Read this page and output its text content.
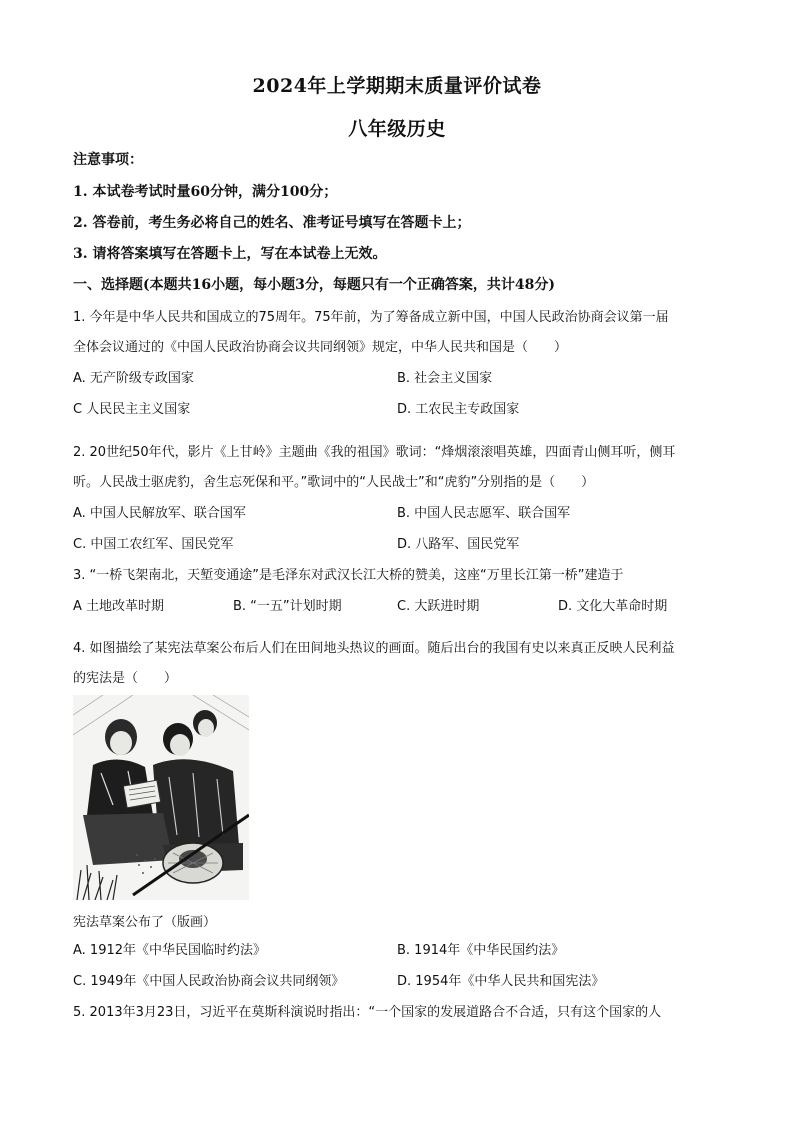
2024年上学期期末质量评价试卷
八年级历史
注意事项：
1. 本试卷考试时量60分钟，满分100分；
2. 答卷前，考生务必将自己的姓名、准考证号填写在答题卡上；
3. 请将答案填写在答题卡上，写在本试卷上无效。
一、选择题(本题共16小题，每小题3分，每题只有一个正确答案，共计48分)
1. 今年是中华人民共和国成立的75周年。75年前，为了筹备成立新中国，中国人民政治协商会议第一届
全体会议通过的《中国人民政治协商会议共同纲领》规定，中华人民共和国是（　　）
A. 无产阶级专政国家	B. 社会主义国家
C 人民民主主义国家	D. 工农民主专政国家
2. 20世纪50年代，影片《上甘岭》主题曲《我的祖国》歌词：“烽烟滚滚唱英雄，四面青山侧耳听，侧耳
听。人民战士驱虎豹，舍生忘死保和平。”歌词中的“人民战士”和“虎豹”分别指的是（　　）
A. 中国人民解放军、联合国军	B. 中国人民志愿军、联合国军
C. 中国工农红军、国民党军	D. 八路军、国民党军
3. “一桥飞架南北，天堑变通途”是毛泽东对武汉长江大桥的赞美，这座“万里长江第一桥”建造于
A 土地改革时期	B. “一五”计划时期	C. 大跃进时期	D. 文化大革命时期
4. 如图描绘了某宪法草案公布后人们在田间地头热议的画面。随后出台的我国有史以来真正反映人民利益
的宪法是（　　）
宪法草案公布了（版画）
A. 1912年《中华民国临时约法》	B. 1914年《中华民国约法》
C. 1949年《中国人民政治协商会议共同纲领》	D. 1954年《中华人民共和国宪法》
5. 2013年3月23日，习近平在莫斯科演说时指出：“一个国家的发展道路合不合适，只有这个国家的人
